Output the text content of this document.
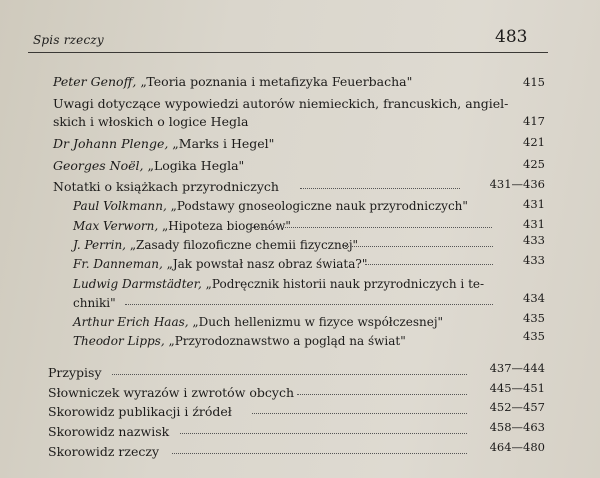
Spis rzeczy	483
Peter Genoff, „Teoria poznania i metafizyka Feuerbacha"	415
Uwagi dotyczące wypowiedzi autorów niemieckich, francuskich, angiel-
skich i włoskich o logice Hegla	417
Dr Johann Plenge, „Marks i Hegel"	421
Georges Noël, „Logika Hegla"	425
Notatki o książkach przyrodniczych	431—436
Paul Volkmann, „Podstawy gnoseologiczne nauk przyrodniczych"	431
Max Verworn, „Hipoteza biogenów"	431
J. Perrin, „Zasady filozoficzne chemii fizycznej"	433
Fr. Danneman, „Jak powstał nasz obraz świata?"	433
Ludwig Darmstädter, „Podręcznik historii nauk przyrodniczych i te-
chniki"	434
Arthur Erich Haas, „Duch hellenizmu w fizyce współczesnej"	435
Theodor Lipps, „Przyrodoznawstwo a pogląd na świat"	435
Przypisy	437—444
Słowniczek wyrazów i zwrotów obcych	445—451
Skorowidz publikacji i źródeł	452—457
Skorowidz nazwisk	458—463
Skorowidz rzeczy	464—480
